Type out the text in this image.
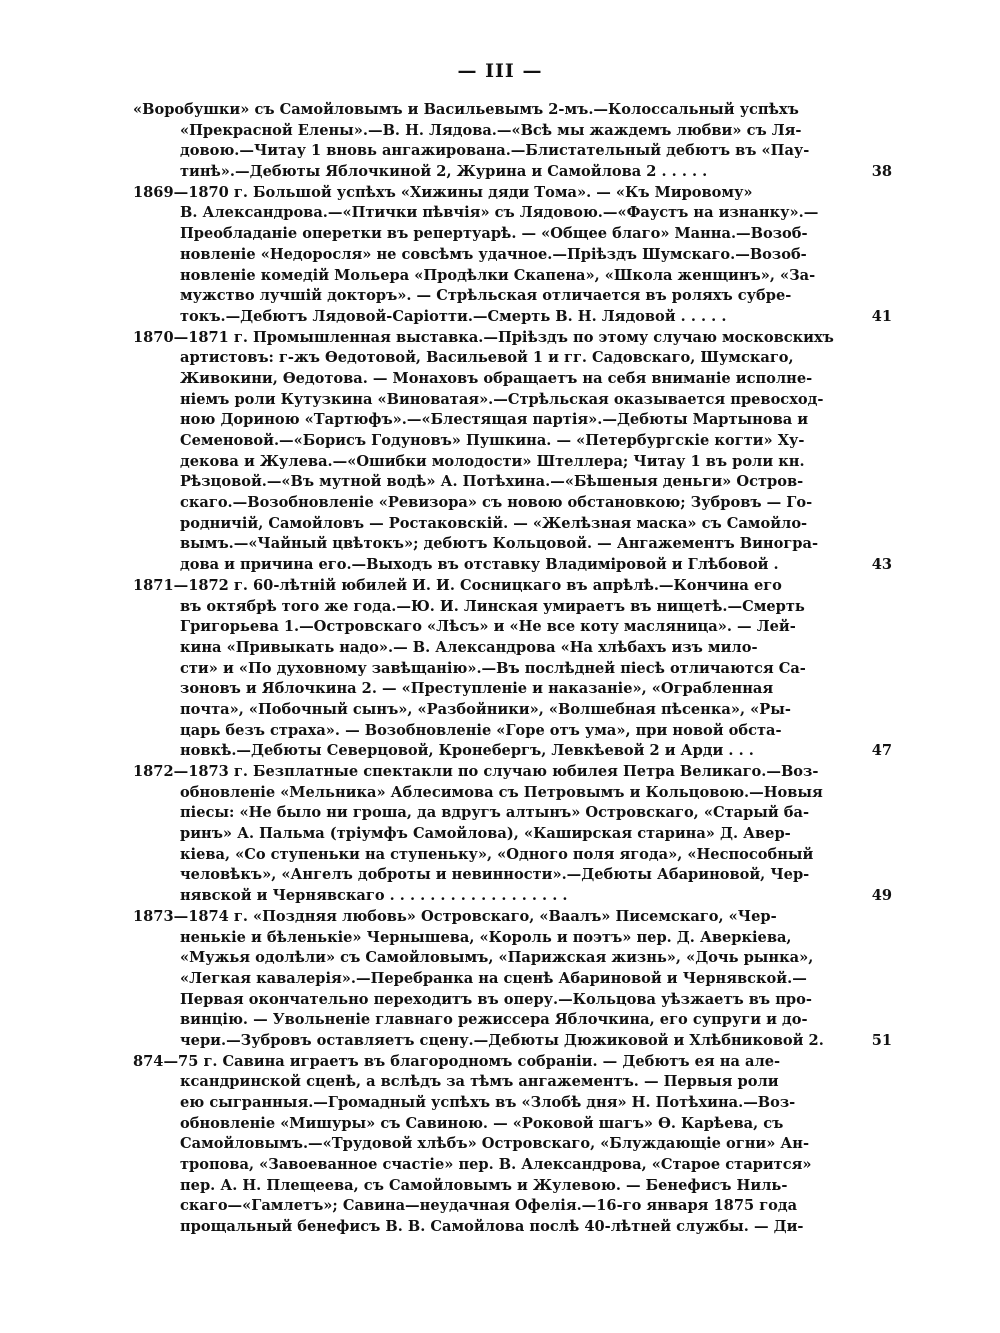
— III —
«Воробушки» съ Самойловымъ и Васильевымъ 2-мъ.—Колоссальный успѣхъ
«Прекрасной Елены».—В. Н. Лядова.—«Всѣ мы жаждемъ любви» съ Ля-
довою.—Читау 1 вновь ангажирована.—Блистательный дебютъ въ «Пау-
тинѣ».—Дебюты Яблочкиной 2, Журина и Самойлова 2 . . . . .	38
1869—1870 г. Большой успѣхъ «Хижины дяди Тома». — «Къ Мировому»
В. Александрова.—«Птички пѣвчія» съ Лядовою.—«Фаустъ на изнанку».—
Преобладаніе оперетки въ репертуарѣ. — «Общее благо» Манна.—Возоб-
новленіе «Недоросля» не совсѣмъ удачное.—Пріѣздъ Шумскаго.—Возоб-
новленіе комедій Мольера «Продѣлки Скапена», «Школа женщинъ», «За-
мужство лучшій докторъ». — Стрѣльская отличается въ роляхъ субре-
токъ.—Дебютъ Лядовой-Саріотти.—Смерть В. Н. Лядовой . . . . .	41
1870—1871 г. Промышленная выставка.—Пріѣздъ по этому случаю московскихъ
артистовъ: г-жъ Ѳедотовой, Васильевой 1 и гг. Садовскаго, Шумскаго,
Живокини, Ѳедотова. — Монаховъ обращаетъ на себя вниманіе исполне-
ніемъ роли Кутузкина «Виноватая».—Стрѣльская оказывается превосход-
ною Дориною «Тартюфъ».—«Блестящая партія».—Дебюты Мартынова и
Семеновой.—«Борисъ Годуновъ» Пушкина. — «Петербургскіе когти» Ху-
декова и Жулева.—«Ошибки молодости» Штеллера; Читау 1 въ роли кн.
Рѣзцовой.—«Въ мутной водѣ» А. Потѣхина.—«Бѣшеныя деньги» Остров-
скаго.—Возобновленіе «Ревизора» съ новою обстановкою; Зубровъ — Го-
родничій, Самойловъ — Ростаковскій. — «Желѣзная маска» съ Самойло-
вымъ.—«Чайный цвѣтокъ»; дебютъ Кольцовой. — Ангажементъ Виногра-
дова и причина его.—Выходъ въ отставку Владиміровой и Глѣбовой .	43
1871—1872 г. 60-лѣтній юбилей И. И. Сосницкаго въ апрѣлѣ.—Кончина его
въ октябрѣ того же года.—Ю. И. Линская умираетъ въ нищетѣ.—Смерть
Григорьева 1.—Островскаго «Лѣсъ» и «Не все коту масляница». — Лей-
кина «Привыкать надо».— В. Александрова «На хлѣбахъ изъ мило-
сти» и «По духовному завѣщанію».—Въ послѣдней піесѣ отличаются Са-
зоновъ и Яблочкина 2. — «Преступленіе и наказаніе», «Ограбленная
почта», «Побочный сынъ», «Разбойники», «Волшебная пѣсенка», «Ры-
царь безъ страха». — Возобновленіе «Горе отъ ума», при новой обста-
новкѣ.—Дебюты Северцовой, Кронебергъ, Левкѣевой 2 и Арди . . .	47
1872—1873 г. Безплатные спектакли по случаю юбилея Петра Великаго.—Воз-
обновленіе «Мельника» Аблесимова съ Петровымъ и Кольцовою.—Новыя
піесы: «Не было ни гроша, да вдругъ алтынъ» Островскаго, «Старый ба-
ринъ» А. Пальма (тріумфъ Самойлова), «Каширская старина» Д. Авер-
кіева, «Со ступеньки на ступеньку», «Одного поля ягода», «Неспособный
человѣкъ», «Ангелъ доброты и невинности».—Дебюты Абариновой, Чер-
нявской и Чернявскаго . . . . . . . . . . . . . . . . . .	49
1873—1874 г. «Поздняя любовь» Островскаго, «Ваалъ» Писемскаго, «Чер-
ненькіе и бѣленькіе» Чернышева, «Король и поэтъ» пер. Д. Аверкіева,
«Мужья одолѣли» съ Самойловымъ, «Парижская жизнь», «Дочь рынка»,
«Легкая кавалерія».—Перебранка на сценѣ Абариновой и Чернявской.—
Первая окончательно переходитъ въ оперу.—Кольцова уѣзжаетъ въ про-
винцію. — Увольненіе главнаго режиссера Яблочкина, его супруги и до-
чери.—Зубровъ оставляетъ сцену.—Дебюты Дюжиковой и Хлѣбниковой 2.	51
874—75 г. Савина играетъ въ благородномъ собраніи. — Дебютъ ея на але-
ксандринской сценѣ, а вслѣдъ за тѣмъ ангажементъ. — Первыя роли
ею сыгранныя.—Громадный успѣхъ въ «Злобѣ дня» Н. Потѣхина.—Воз-
обновленіе «Мишуры» съ Савиною. — «Роковой шагъ» Ѳ. Карѣева, съ
Самойловымъ.—«Трудовой хлѣбъ» Островскаго, «Блуждающіе огни» Ан-
тропова, «Завоеванное счастіе» пер. В. Александрова, «Старое старится»
пер. А. Н. Плещеева, съ Самойловымъ и Жулевою. — Бенефисъ Ниль-
скаго—«Гамлетъ»; Савина—неудачная Офелія.—16-го января 1875 года
прощальный бенефисъ В. В. Самойлова послѣ 40-лѣтней службы. — Ди-
